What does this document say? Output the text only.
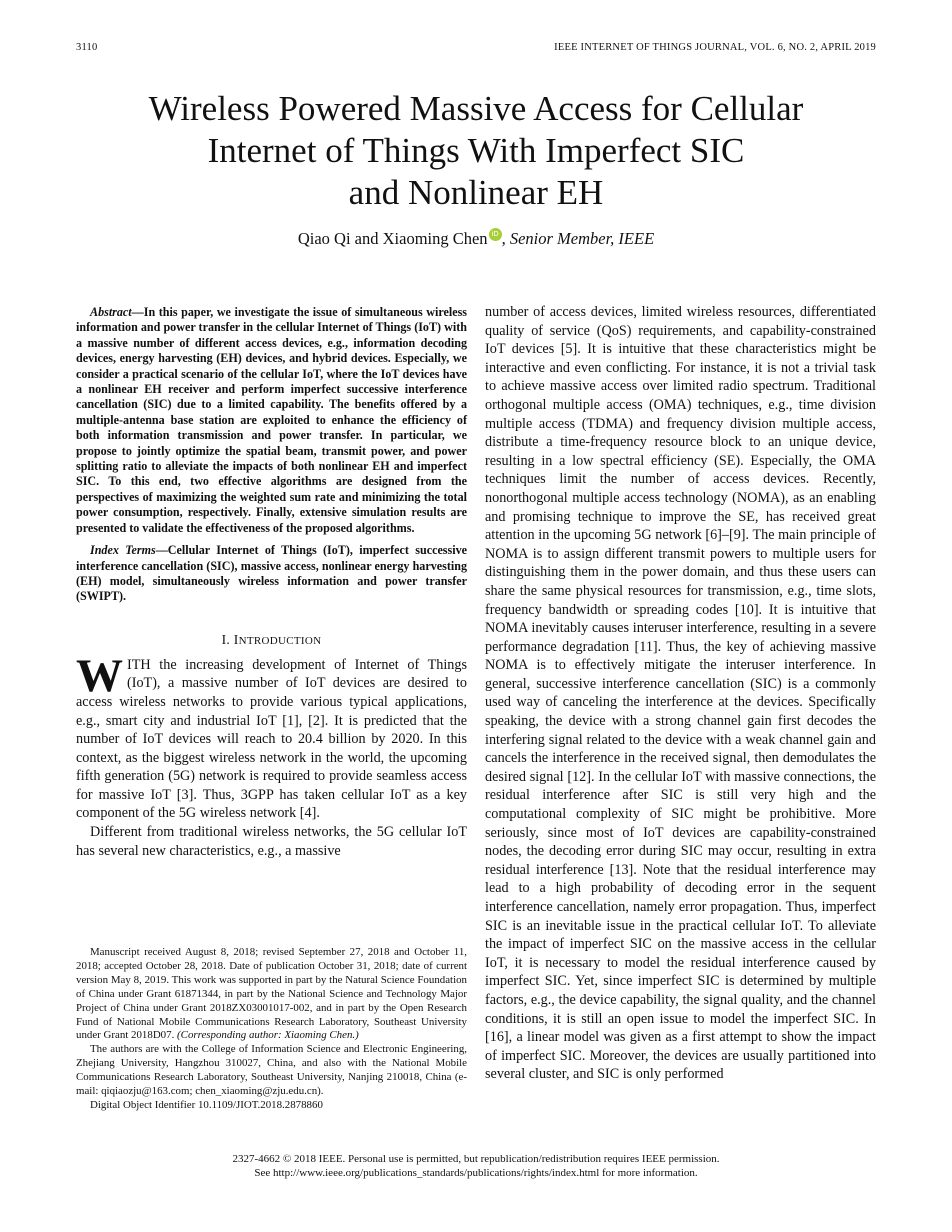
3110	IEEE INTERNET OF THINGS JOURNAL, VOL. 6, NO. 2, APRIL 2019
Wireless Powered Massive Access for Cellular
Internet of Things With Imperfect SIC
and Nonlinear EH
Qiao Qi and Xiaoming Chen iD , Senior Member, IEEE

Abstract—In this paper, we investigate the issue of simultaneous wireless information and power transfer in the cellular Internet of Things (IoT) with a massive number of different access devices, e.g., information decoding devices, energy harvesting (EH) devices, and hybrid devices. Especially, we consider a practical scenario of the cellular IoT, where the IoT devices have a nonlinear EH receiver and perform imperfect successive interference cancellation (SIC) due to a limited capability. The benefits offered by a multiple-antenna base station are exploited to enhance the efficiency of both information transmission and power transfer. In particular, we propose to jointly optimize the spatial beam, transmit power, and power splitting ratio to alleviate the impacts of both nonlinear EH and imperfect SIC. To this end, two effective algorithms are designed from the perspectives of maximizing the weighted sum rate and minimizing the total power consumption, respectively. Finally, extensive simulation results are presented to validate the effectiveness of the proposed algorithms.

Index Terms—Cellular Internet of Things (IoT), imperfect successive interference cancellation (SIC), massive access, nonlinear energy harvesting (EH) model, simultaneously wireless information and power transfer (SWIPT).

I. INTRODUCTION

WITH the increasing development of Internet of Things (IoT), a massive number of IoT devices are desired to access wireless networks to provide various typical applications, e.g., smart city and industrial IoT [1], [2]. It is predicted that the number of IoT devices will reach to 20.4 billion by 2020. In this context, as the biggest wireless network in the world, the upcoming fifth generation (5G) network is required to provide seamless access for massive IoT [3]. Thus, 3GPP has taken cellular IoT as a key component of the 5G wireless network [4].

Different from traditional wireless networks, the 5G cellular IoT has several new characteristics, e.g., a massive

Manuscript received August 8, 2018; revised September 27, 2018 and October 11, 2018; accepted October 28, 2018. Date of publication October 31, 2018; date of current version May 8, 2019. This work was supported in part by the Natural Science Foundation of China under Grant 61871344, in part by the National Science and Technology Major Project of China under Grant 2018ZX03001017-002, and in part by the Open Research Fund of National Mobile Communications Research Laboratory, Southeast University under Grant 2018D07. (Corresponding author: Xiaoming Chen.)

The authors are with the College of Information Science and Electronic Engineering, Zhejiang University, Hangzhou 310027, China, and also with the National Mobile Communications Research Laboratory, Southeast University, Nanjing 210018, China (e-mail: qiqiaozju@163.com; chen_xiaoming@zju.edu.cn).

Digital Object Identifier 10.1109/JIOT.2018.2878860

number of access devices, limited wireless resources, differentiated quality of service (QoS) requirements, and capability-constrained IoT devices [5]. It is intuitive that these characteristics might be interactive and even conflicting. For instance, it is not a trivial task to achieve massive access over limited radio spectrum. Traditional orthogonal multiple access (OMA) techniques, e.g., time division multiple access (TDMA) and frequency division multiple access, distribute a time-frequency resource block to an unique device, resulting in a low spectral efficiency (SE). Especially, the OMA techniques limit the number of access devices. Recently, nonorthogonal multiple access technology (NOMA), as an enabling and promising technique to improve the SE, has received great attention in the upcoming 5G network [6]–[9]. The main principle of NOMA is to assign different transmit powers to multiple users for distinguishing them in the power domain, and thus these users can share the same physical resources for transmission, e.g., time slots, frequency bandwidth or spreading codes [10]. It is intuitive that NOMA inevitably causes interuser interference, resulting in a severe performance degradation [11]. Thus, the key of achieving massive NOMA is to effectively mitigate the interuser interference. In general, successive interference cancellation (SIC) is a commonly used way of canceling the interference at the devices. Specifically speaking, the device with a strong channel gain first decodes the interfering signal related to the device with a weak channel gain and cancels the interference in the received signal, then demodulates the desired signal [12]. In the cellular IoT with massive connections, the residual interference after SIC is still very high and the computational complexity of SIC might be prohibitive. More seriously, since most of IoT devices are capability-constrained nodes, the decoding error during SIC may occur, resulting in extra residual interference [13]. Note that the residual interference may lead to a high probability of decoding error in the sequent interference cancellation, namely error propagation. Thus, imperfect SIC is an inevitable issue in the practical cellular IoT. To alleviate the impact of imperfect SIC on the massive access in the cellular IoT, it is necessary to model the residual interference caused by imperfect SIC. Yet, since imperfect SIC is determined by multiple factors, e.g., the device capability, the signal quality, and the channel conditions, it is still an open issue to model the imperfect SIC. In [16], a linear model was given as a first attempt to show the impact of imperfect SIC. Moreover, the devices are usually partitioned into several cluster, and SIC is only performed

2327-4662 © 2018 IEEE. Personal use is permitted, but republication/redistribution requires IEEE permission.
See http://www.ieee.org/publications_standards/publications/rights/index.html for more information.
